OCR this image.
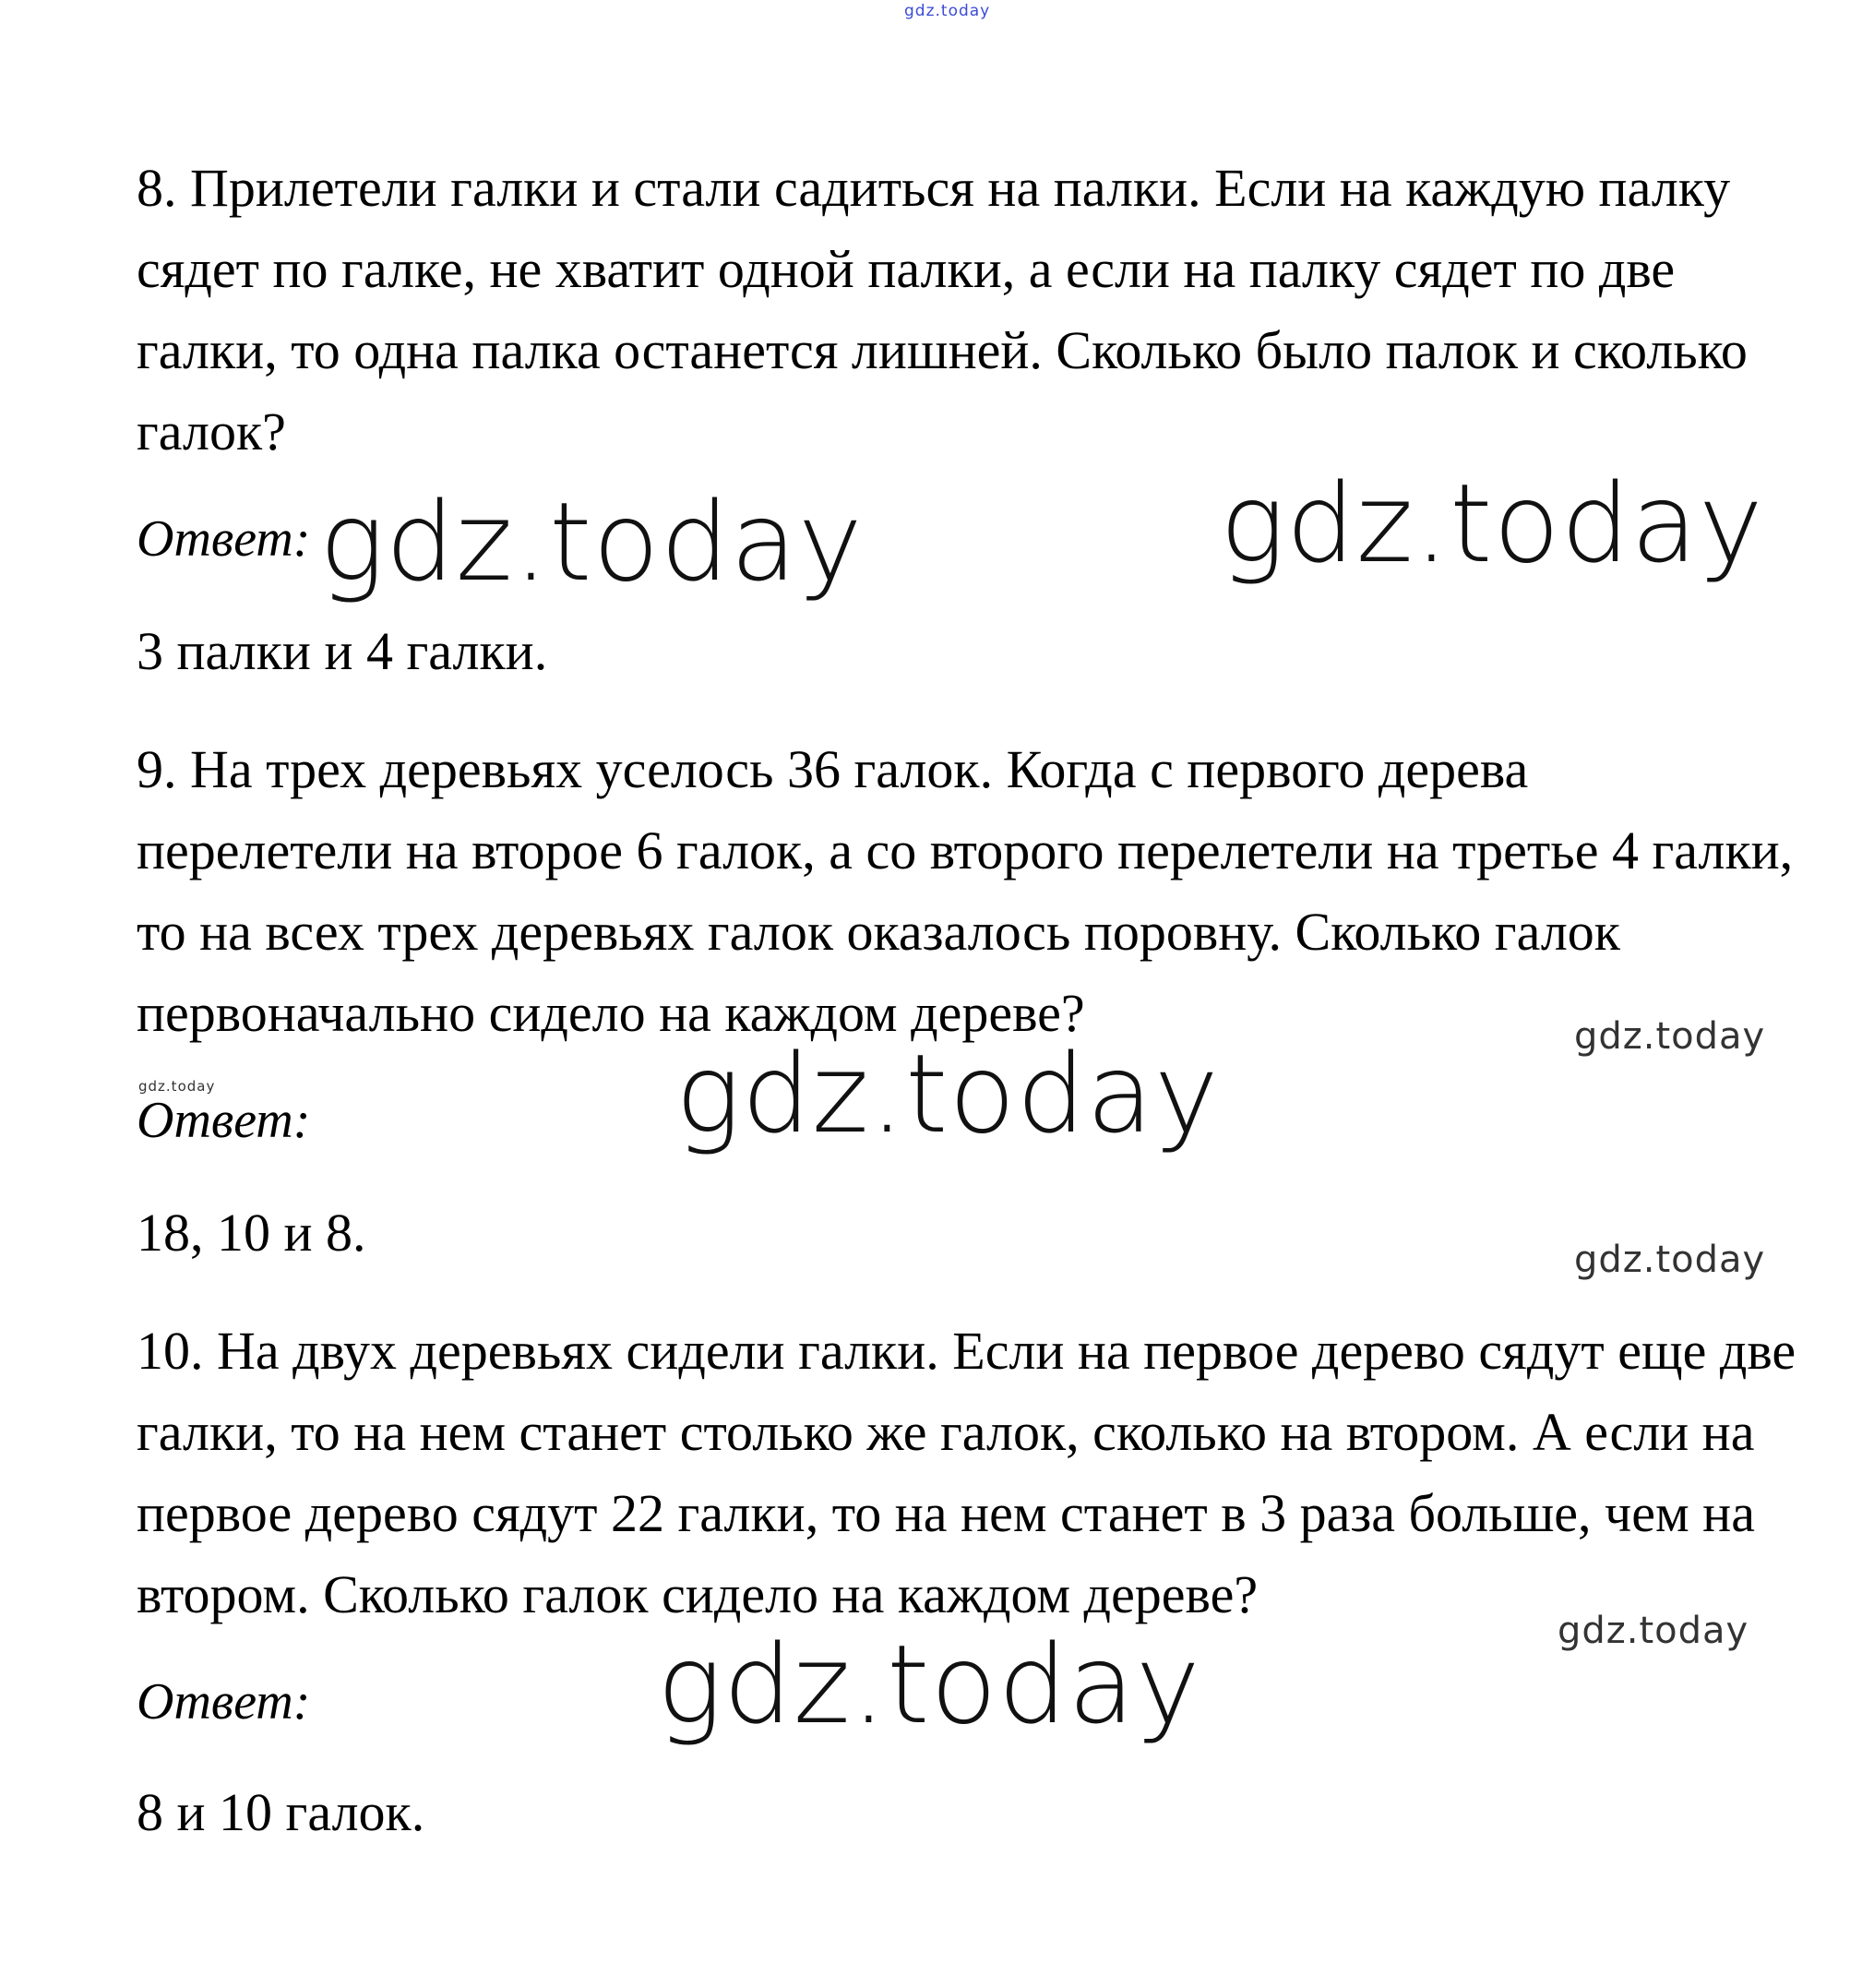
gdz.today

8. Прилетели галки и стали садиться на палки. Если на каждую палку сядет по галке, не хватит одной палки, а если на палку сядет по две галки, то одна палка останется лишней. Сколько было палок и сколько галок?

Ответ: gdz.today	gdz.today

3 палки и 4 галки.

9. На трех деревьях уселось 36 галок. Когда с первого дерева перелетели на второе 6 галок, а со второго перелетели на третье 4 галки, то на всех трех деревьях галок оказалось поровну. Сколько галок первоначально сидело на каждом дереве?	gdz.today
gdz.today
gdz.today
Ответ:

18, 10 и 8.	gdz.today

10. На двух деревьях сидели галки. Если на первое дерево сядут еще две галки, то на нем станет столько же галок, сколько на втором. А если на первое дерево сядут 22 галки, то на нем станет в 3 раза больше, чем на втором. Сколько галок сидело на каждом дереве?

gdz.today
gdz.today
Ответ:

8 и 10 галок.
